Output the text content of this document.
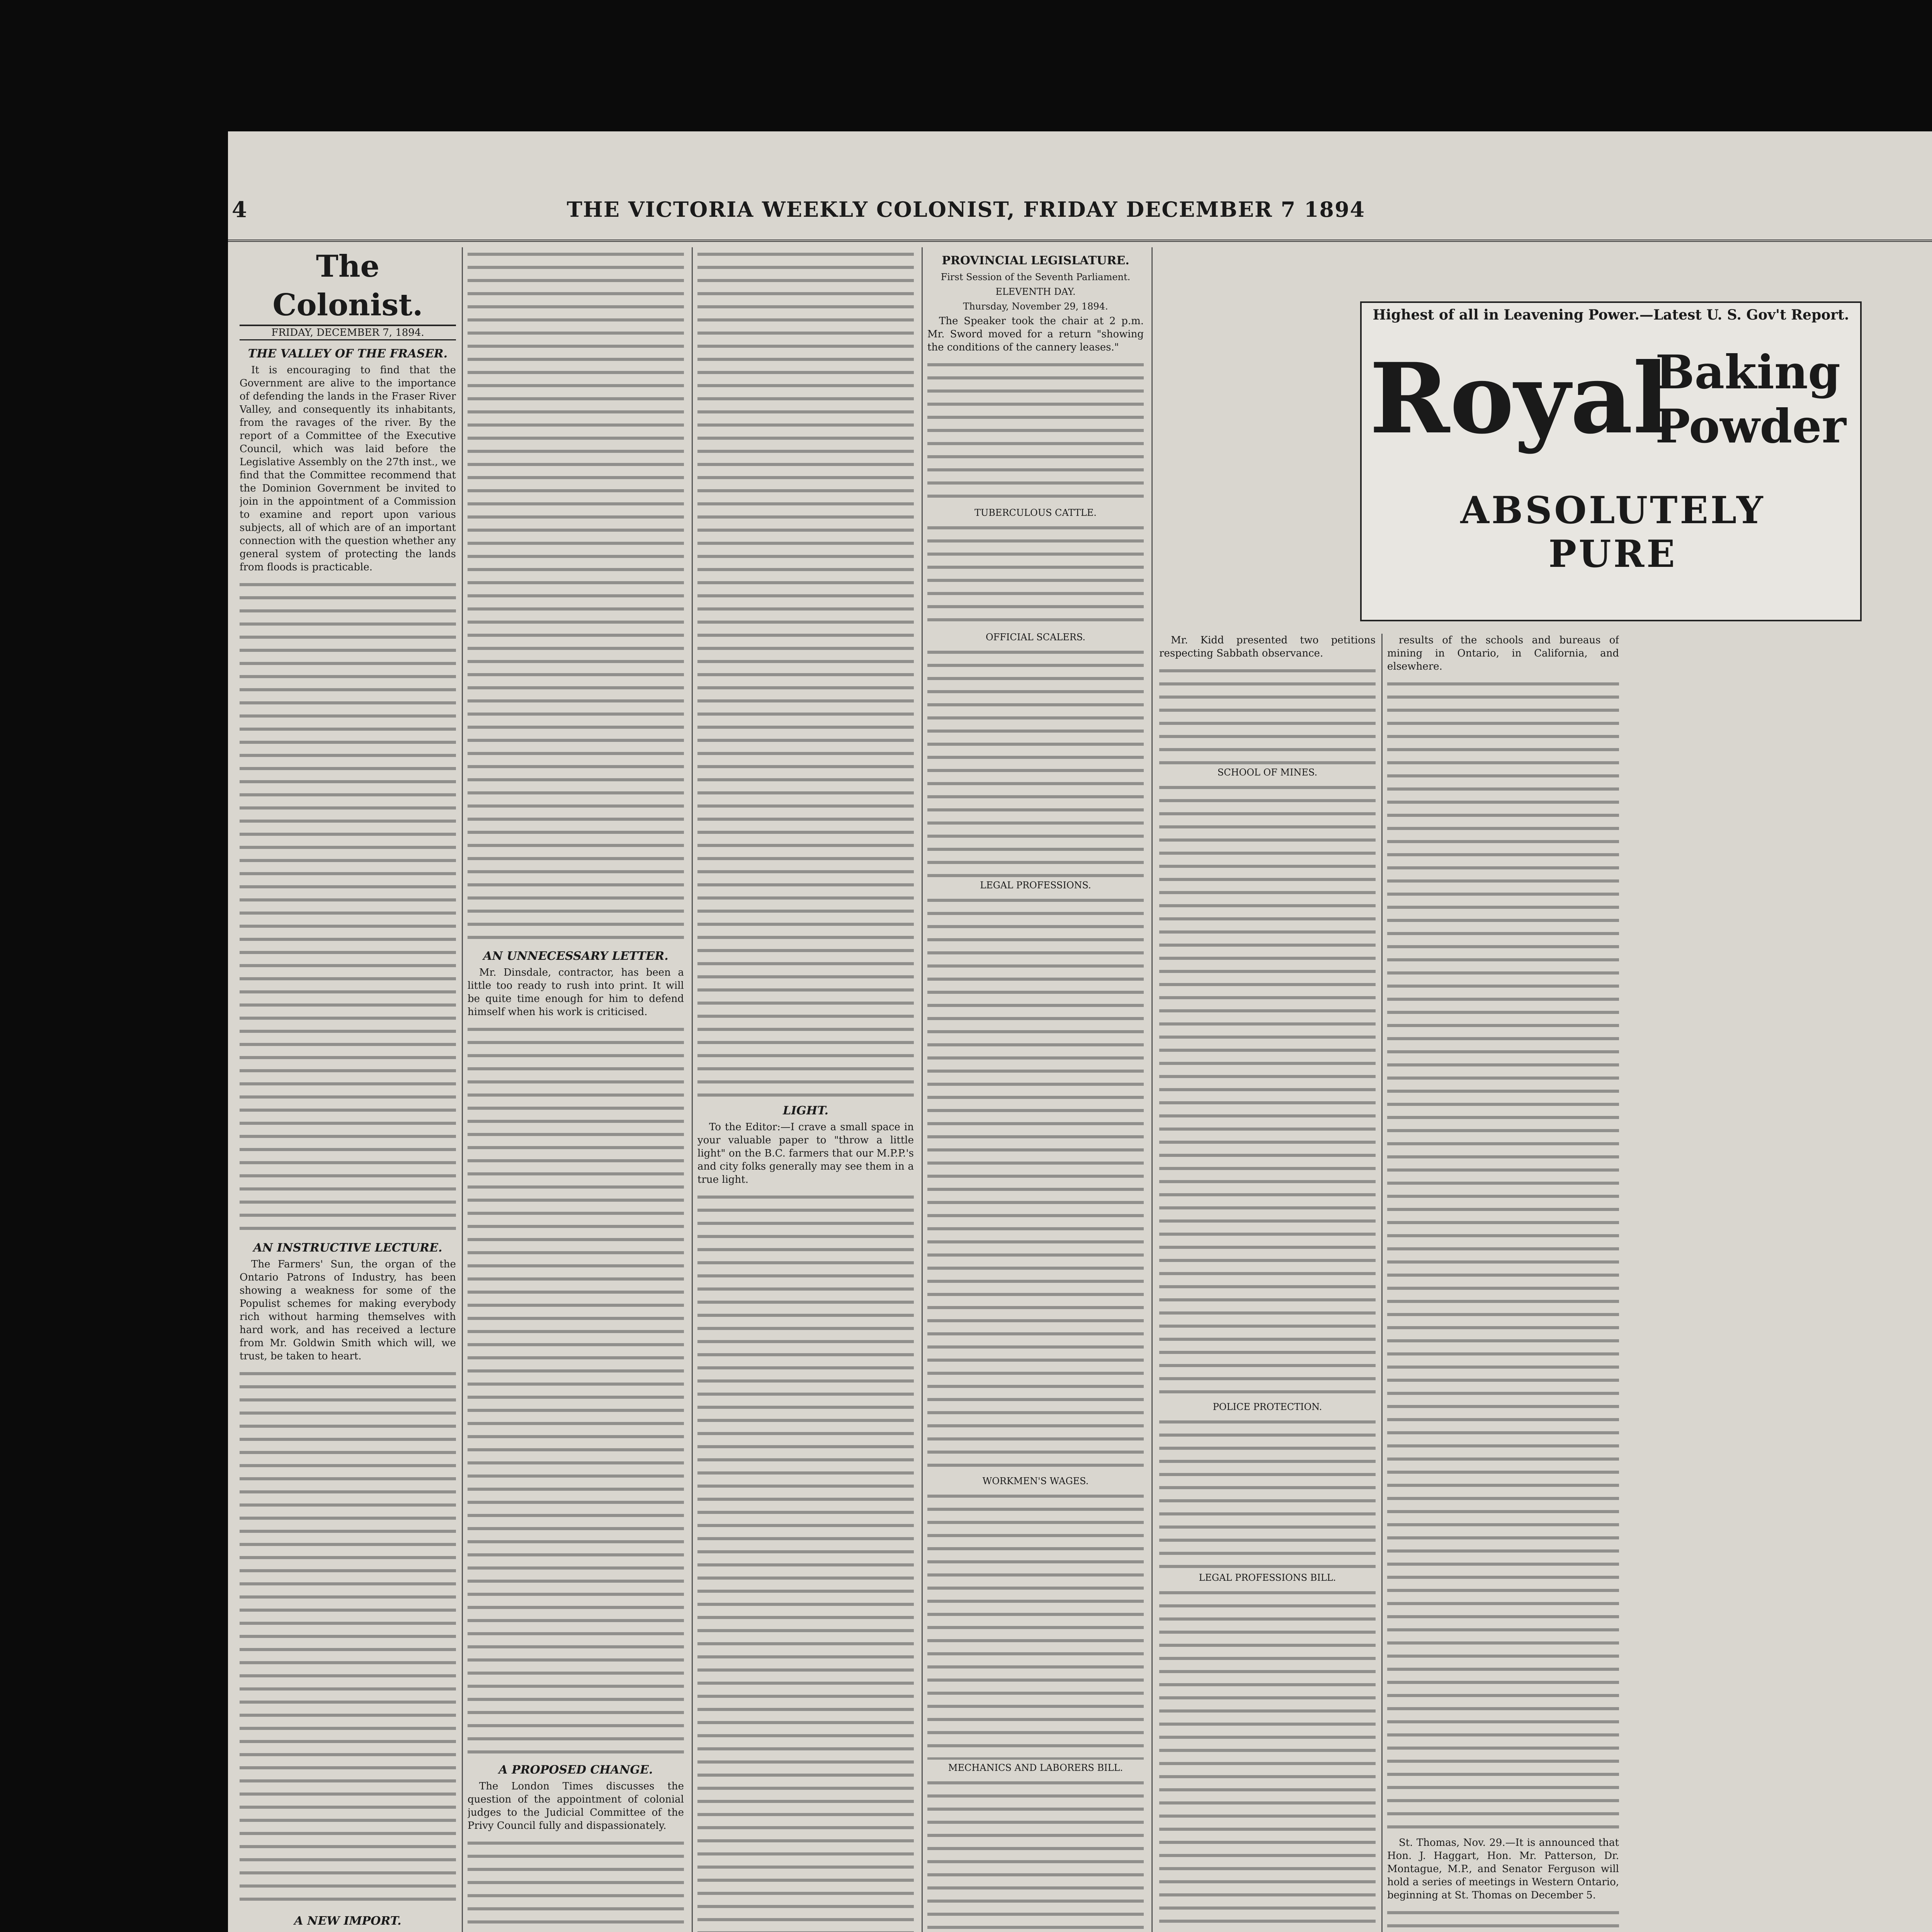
4	THE VICTORIA WEEKLY COLONIST, FRIDAY DECEMBER 7 1894
The Colonist.
FRIDAY, DECEMBER 7, 1894.
THE VALLEY OF THE FRASER.

It is encouraging to find that the Government are alive to the importance of defending the lands in the Fraser River Valley, and consequently its inhabitants, from the ravages of the river. By the report of a Committee of the Executive Council, which was laid before the Legislative Assembly on the 27th inst., we find that the Committee recommend that the Dominion Government be invited to join in the appointment of a Commission to examine and report upon various subjects, all of which are of an important connection with the question whether any general system of protecting the lands from floods is practicable.

AN INSTRUCTIVE LECTURE.

The Farmers' Sun, the organ of the Ontario Patrons of Industry, has been showing a weakness for some of the Populist schemes for making everybody rich without harming themselves with hard work, and has received a lecture from Mr. Goldwin Smith which will, we trust, be taken to heart.

A NEW IMPORT.

AN UNNECESSARY LETTER.

Mr. Dinsdale, contractor, has been a little too ready to rush into print. It will be quite time enough for him to defend himself when his work is criticised.

A PROPOSED CHANGE.

The London Times discusses the question of the appointment of colonial judges to the Judicial Committee of the Privy Council fully and dispassionately.

LIGHT.

To the Editor:—I crave a small space in your valuable paper to "throw a little light" on the B.C. farmers that our M.P.P.'s and city folks generally may see them in a true light.

PROVINCIAL LEGISLATURE.
First Session of the Seventh Parliament.
ELEVENTH DAY.
Thursday, November 29, 1894.

The Speaker took the chair at 2 p.m. Mr. Sword moved for a return "showing the conditions of the cannery leases."

TUBERCULOUS CATTLE.
OFFICIAL SCALERS.
LEGAL PROFESSIONS.
WORKMEN'S WAGES.
MECHANICS AND LABORERS BILL.

Highest of all in Leavening Power.—Latest U. S. Gov't Report.
Royal
Baking
Powder
ABSOLUTELY PURE

Mr. Kidd presented two petitions respecting Sabbath observance.

SCHOOL OF MINES.
POLICE PROTECTION.
LEGAL PROFESSIONS BILL.

results of the schools and bureaus of mining in Ontario, in California, and elsewhere.

St. Thomas, Nov. 29.—It is announced that Hon. J. Haggart, Hon. Mr. Patterson, Dr. Montague, M.P., and Senator Ferguson will hold a series of meetings in Western Ontario, beginning at St. Thomas on December 5.
